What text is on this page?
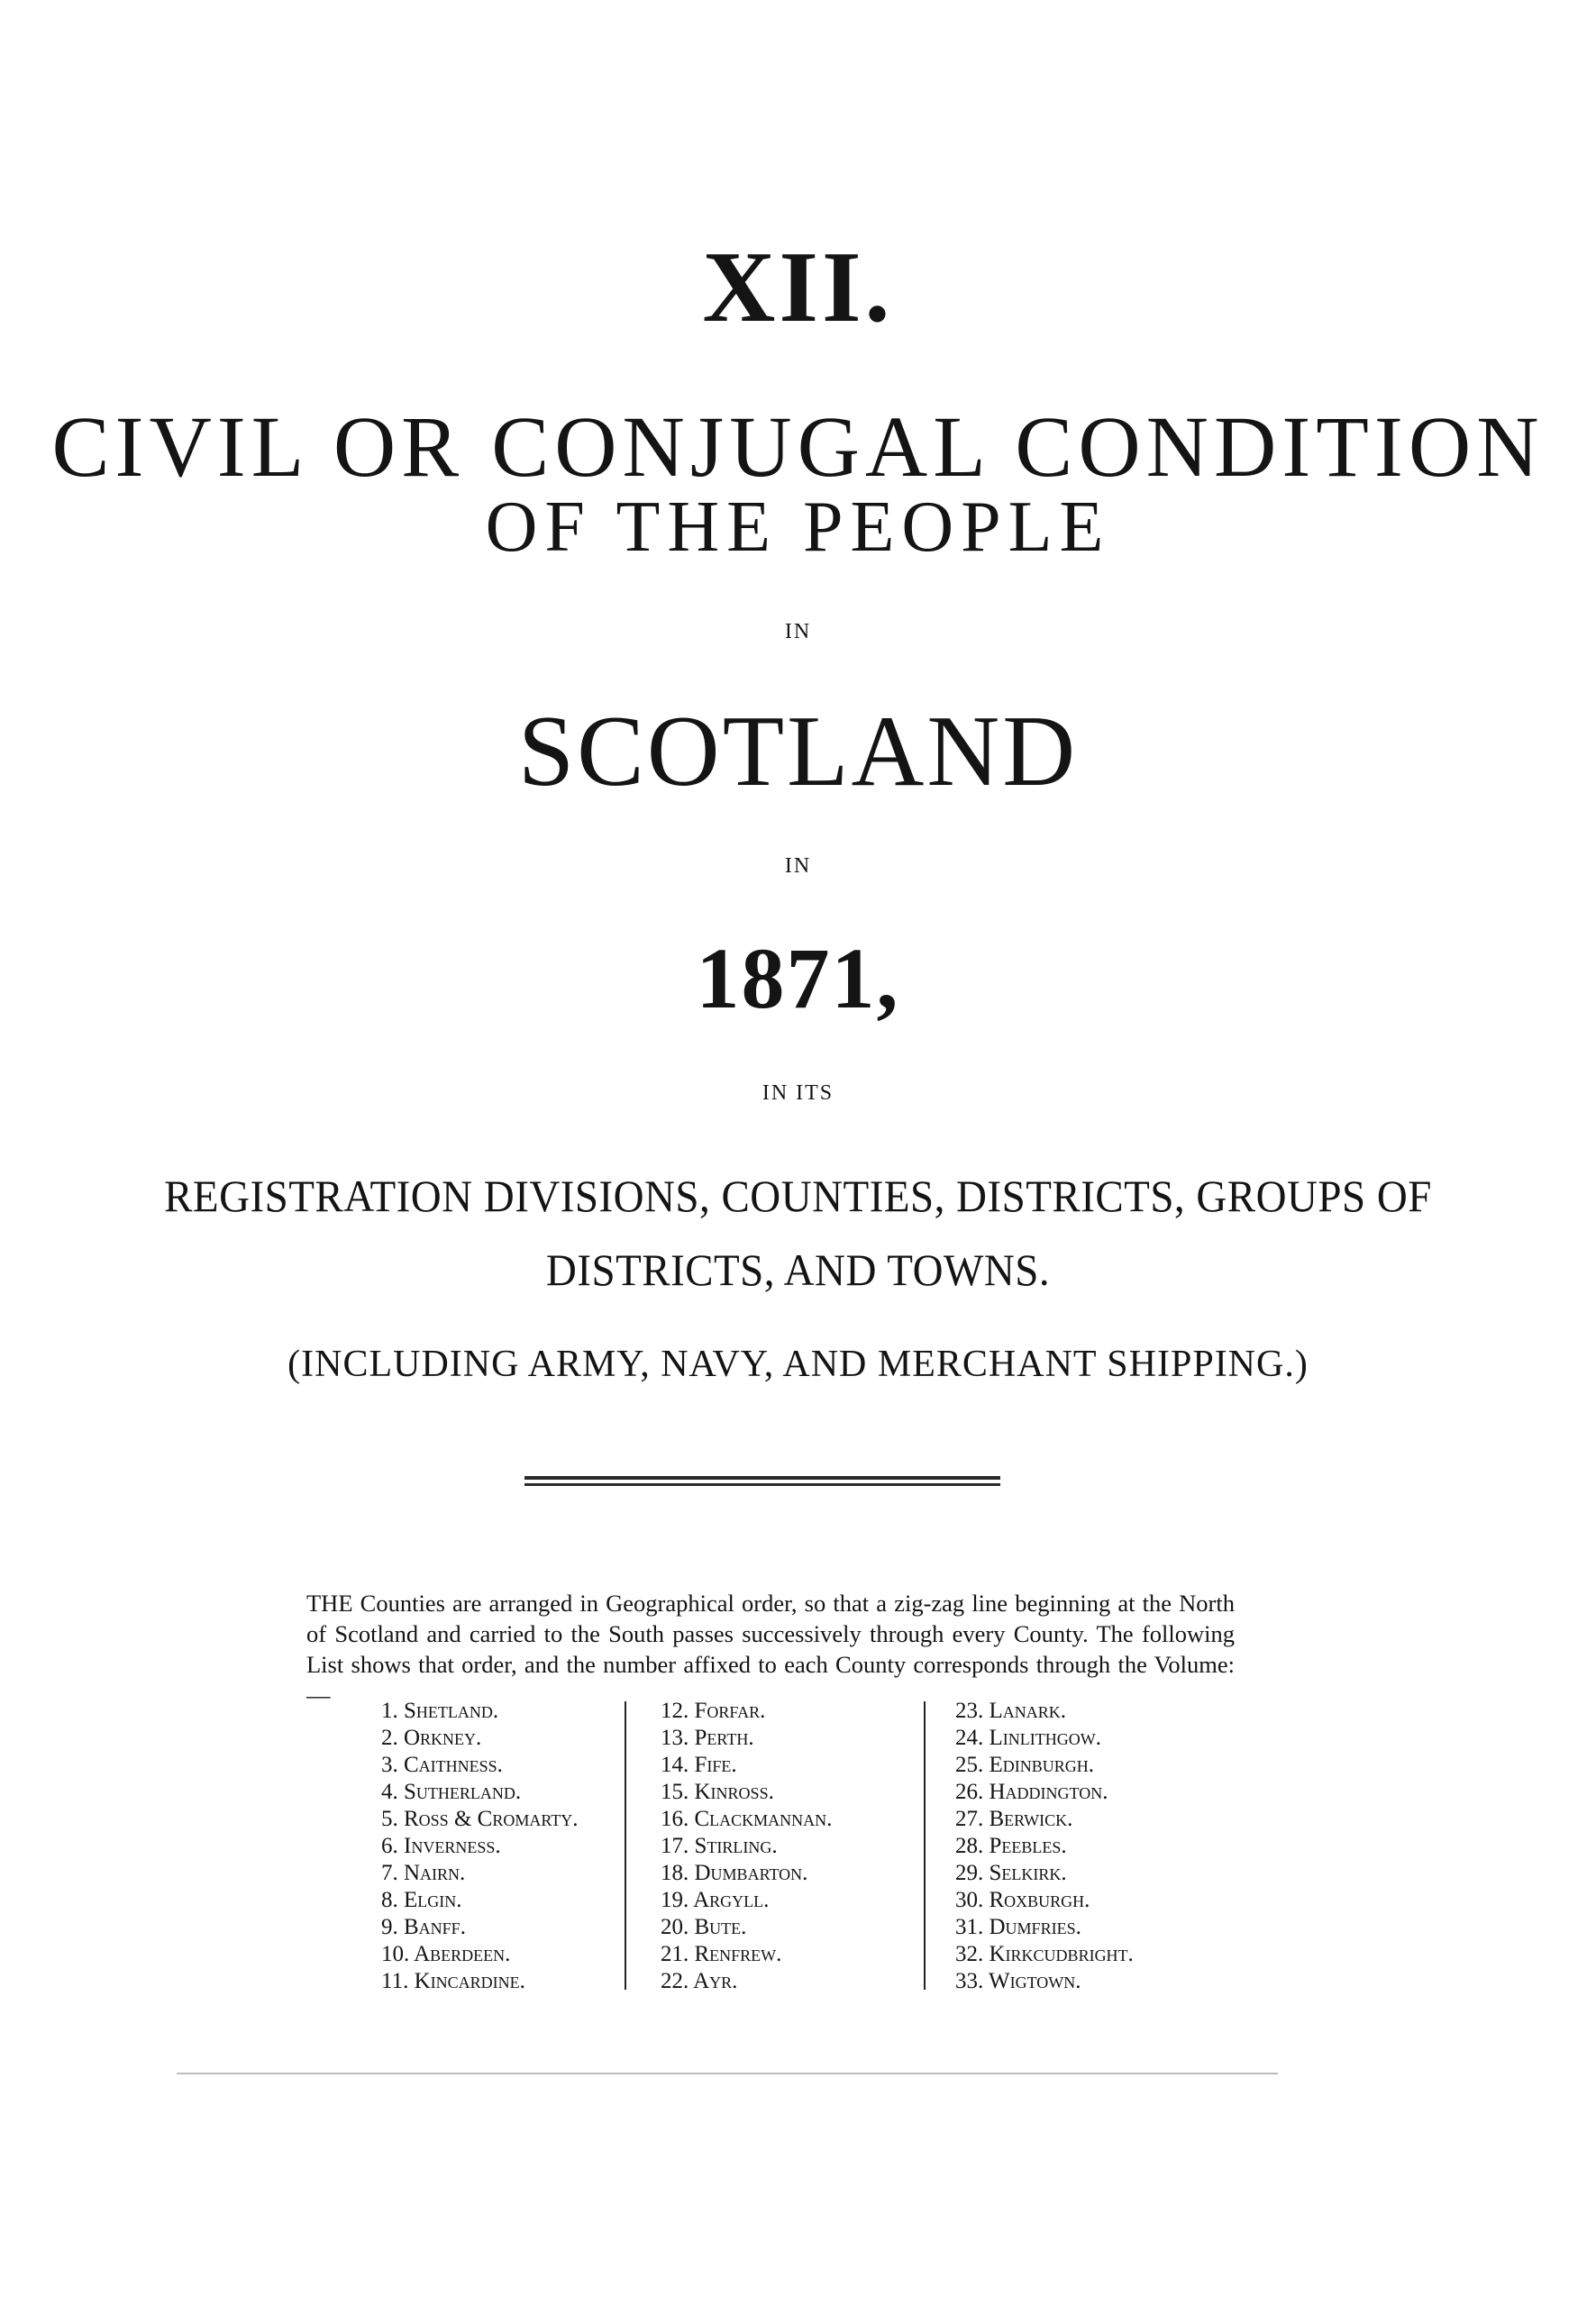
XII.
CIVIL OR CONJUGAL CONDITION
OF THE PEOPLE

IN

SCOTLAND

IN

1871,

IN ITS

REGISTRATION DIVISIONS, COUNTIES, DISTRICTS, GROUPS OF
DISTRICTS, AND TOWNS.

(INCLUDING ARMY, NAVY, AND MERCHANT SHIPPING.)

THE Counties are arranged in Geographical order, so that a zig-zag line beginning at the North of Scotland and carried to the South passes successively through every County. The following List shows that order, and the number affixed to each County corresponds through the Volume:—

1. Shetland.
2. Orkney.
3. Caithness.
4. Sutherland.
5. Ross & Cromarty.
6. Inverness.
7. Nairn.
8. Elgin.
9. Banff.
10. Aberdeen.
11. Kincardine.
12. Forfar.
13. Perth.
14. Fife.
15. Kinross.
16. Clackmannan.
17. Stirling.
18. Dumbarton.
19. Argyll.
20. Bute.
21. Renfrew.
22. Ayr.
23. Lanark.
24. Linlithgow.
25. Edinburgh.
26. Haddington.
27. Berwick.
28. Peebles.
29. Selkirk.
30. Roxburgh.
31. Dumfries.
32. Kirkcudbright.
33. Wigtown.
